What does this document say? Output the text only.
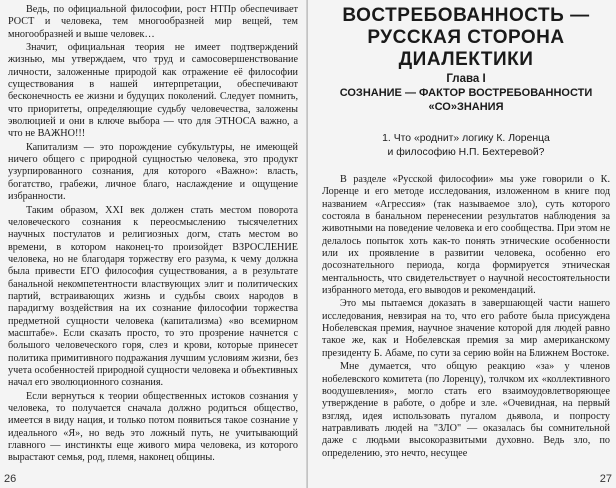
Ведь, по официальной философии, рост НТПр обеспечивает РОСТ и человека, тем многообразней мир вещей, тем многообразней и выше человек…

Значит, официальная теория не имеет подтверждений жизнью, мы утверждаем, что труд и самосовершенствование личности, заложенные природой как отражение её философии существования в нашей интерпретации, обеспечивают бесконечность ее жизни и будущих поколений. Следует помнить, что приоритеты, определяющие судьбу человечества, заложены эволюцией и они в ключе выбора — что для ЭТНОСА важно, а что не ВАЖНО!!!

Капитализм — это порождение субкультуры, не имеющей ничего общего с природной сущностью человека, это продукт узурпированного сознания, для которого «Важно»: власть, богатство, грабежи, личное благо, наслаждение и ощущение избранности.

Таким образом, XXI век должен стать местом поворота человеческого сознания к переосмыслению тысячелетних научных постулатов и религиозных догм, стать местом во времени, в котором наконец-то произойдет ВЗРОСЛЕНИЕ человека, но не благодаря торжеству его разума, к чему должна была привести ЕГО философия существования, а в результате банальной некомпетентности властвующих элит и политических партий, встраивающих жизнь и судьбы своих народов в парадигму воздействия на их сознание философии торжества предметной сущности человека (капитализма) «во всемирном масштабе». Если сказать просто, то это прозрение начнется с большого человеческого горя, слез и крови, которые принесет политика примитивного подражания лучшим условиям жизни, без учета особенностей природной сущности человека и объективных начал его эволюционного сознания.

Если вернуться к теории общественных истоков сознания у человека, то получается сначала должно родиться общество, имеется в виду нация, и только потом появиться такое сознание у идеального «Я», но ведь это ложный путь, не учитывающий главного — инстинкты еще живого мира человека, из которого вырастают семья, род, племя, наконец общины.

26
ВОСТРЕБОВАННОСТЬ —
РУССКАЯ СТОРОНА
ДИАЛЕКТИКИ
Глава I
СОЗНАНИЕ — ФАКТОР ВОСТРЕБОВАННОСТИ
«СО»ЗНАНИЯ
1. Что «роднит» логику К. Лоренца
и философию Н.П. Бехтеревой?

В разделе «Русской философии» мы уже говорили о К. Лоренце и его методе исследования, изложенном в книге под названием «Агрессия» (так называемое зло), суть которого состояла в банальном перенесении результатов наблюдения за животными на поведение человека и его сообщества. При этом не делалось попыток хоть как-то понять этнические особенности или их проявление в развитии человека, особенно его досознательного периода, когда формируется этническая ментальность, что свидетельствует о научной несостоятельности избранного метода, его выводов и рекомендаций.

Это мы пытаемся доказать в завершающей части нашего исследования, невзирая на то, что его работе была присуждена Нобелевская премия, научное значение которой для людей равно такое же, как и Нобелевская премия за мир американскому президенту Б. Абаме, по сути за серию войн на Ближнем Востоке.

Мне думается, что общую реакцию «за» у членов нобелевского комитета (по Лоренцу), толчком их «коллективного воодушевления», могло стать его взаимоудовлетворяющее утверждение в работе, о добре и зле. «Очевидная, на первый взгляд, идея использовать пугалом дьявола, и попросту натравливать людей на "ЗЛО" — оказалась бы сомнительной даже с людьми высокоразвитыми духовно. Ведь зло, по определению, это нечто, несущее

27
